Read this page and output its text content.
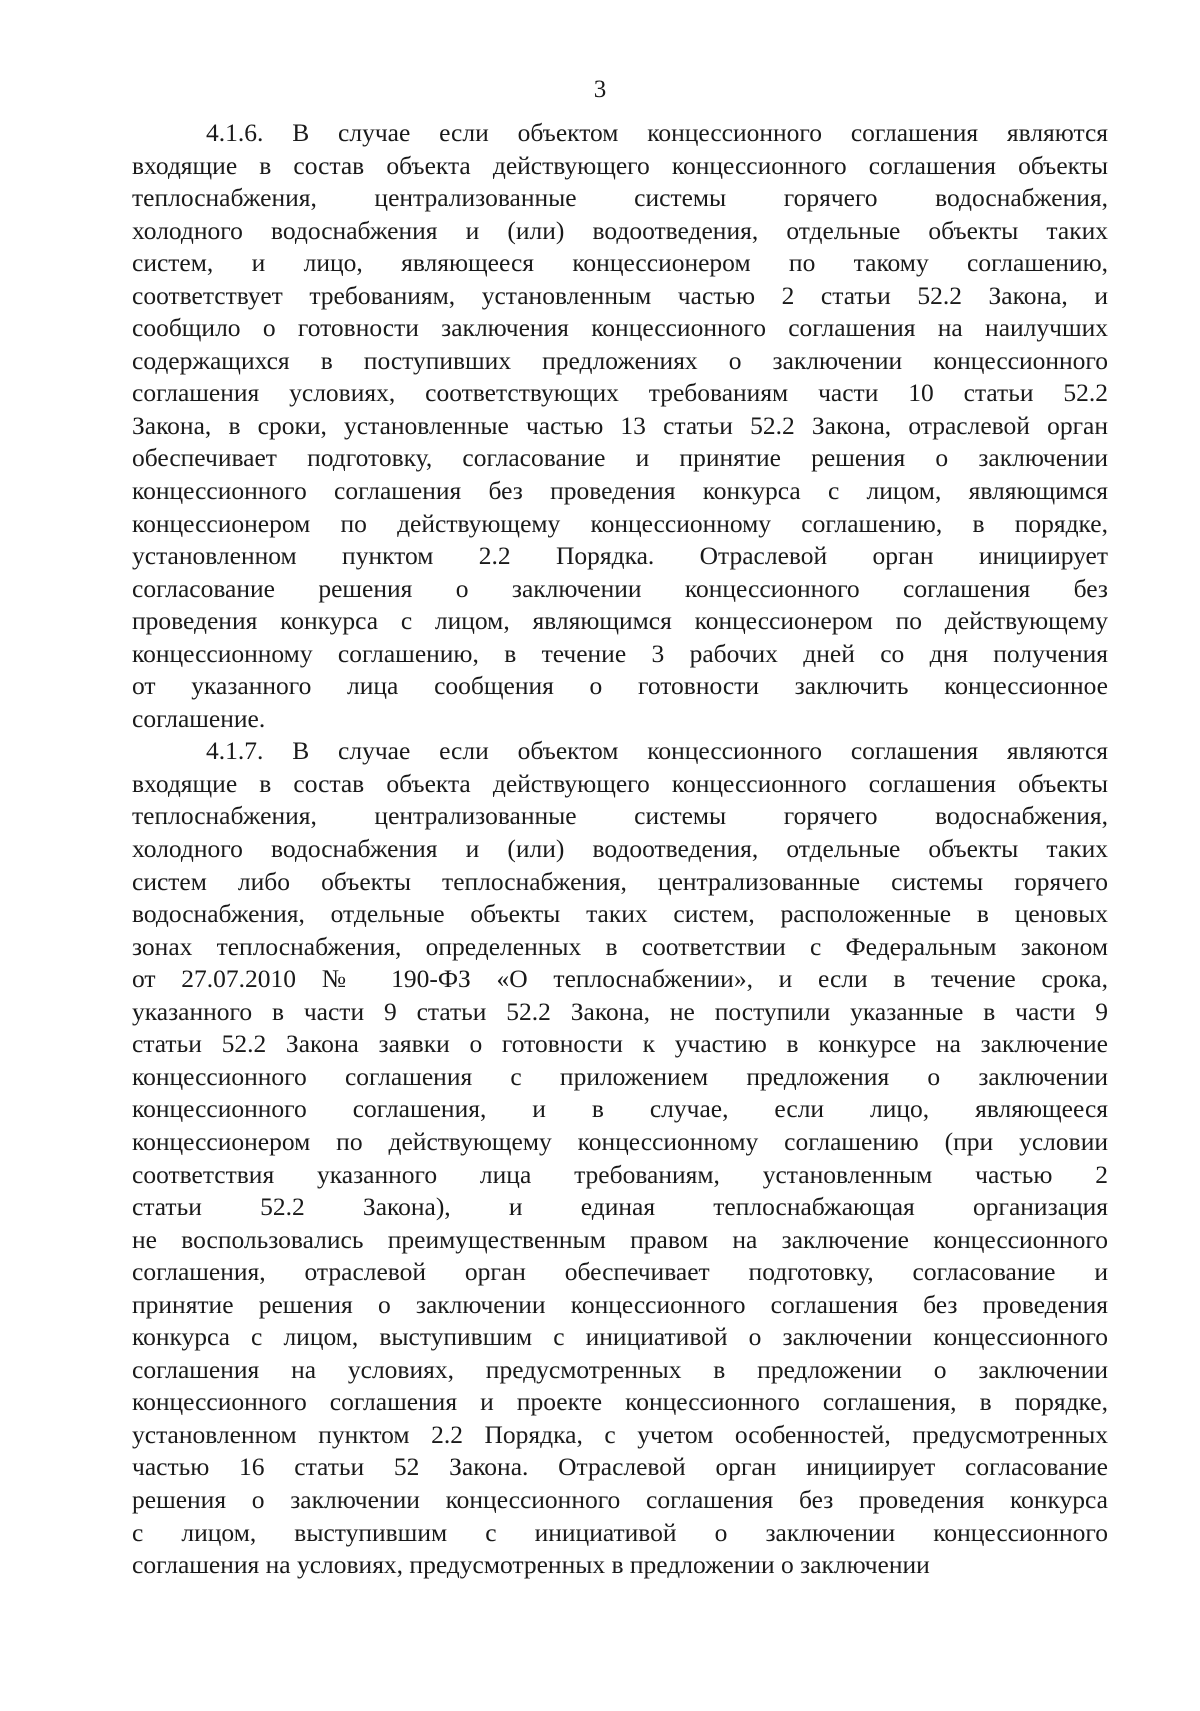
3
4.1.6. В случае если объектом концессионного соглашения являются
входящие в состав объекта действующего концессионного соглашения объекты
теплоснабжения, централизованные системы горячего водоснабжения,
холодного водоснабжения и (или) водоотведения, отдельные объекты таких
систем, и лицо, являющееся концессионером по такому соглашению,
соответствует требованиям, установленным частью 2 статьи 52.2 Закона, и
сообщило о готовности заключения концессионного соглашения на наилучших
содержащихся в поступивших предложениях о заключении концессионного
соглашения условиях, соответствующих требованиям части 10 статьи 52.2
Закона, в сроки, установленные частью 13 статьи 52.2 Закона, отраслевой орган
обеспечивает подготовку, согласование и принятие решения о заключении
концессионного соглашения без проведения конкурса с лицом, являющимся
концессионером по действующему концессионному соглашению, в порядке,
установленном пунктом 2.2 Порядка. Отраслевой орган инициирует
согласование решения о заключении концессионного соглашения без
проведения конкурса с лицом, являющимся концессионером по действующему
концессионному соглашению, в течение 3 рабочих дней со дня получения
от указанного лица сообщения о готовности заключить концессионное
соглашение.
4.1.7. В случае если объектом концессионного соглашения являются
входящие в состав объекта действующего концессионного соглашения объекты
теплоснабжения, централизованные системы горячего водоснабжения,
холодного водоснабжения и (или) водоотведения, отдельные объекты таких
систем либо объекты теплоснабжения, централизованные системы горячего
водоснабжения, отдельные объекты таких систем, расположенные в ценовых
зонах теплоснабжения, определенных в соответствии с Федеральным законом
от 27.07.2010 № 190-ФЗ «О теплоснабжении», и если в течение срока,
указанного в части 9 статьи 52.2 Закона, не поступили указанные в части 9
статьи 52.2 Закона заявки о готовности к участию в конкурсе на заключение
концессионного соглашения с приложением предложения о заключении
концессионного соглашения, и в случае, если лицо, являющееся
концессионером по действующему концессионному соглашению (при условии
соответствия указанного лица требованиям, установленным частью 2
статьи 52.2 Закона), и единая теплоснабжающая организация
не воспользовались преимущественным правом на заключение концессионного
соглашения, отраслевой орган обеспечивает подготовку, согласование и
принятие решения о заключении концессионного соглашения без проведения
конкурса с лицом, выступившим с инициативой о заключении концессионного
соглашения на условиях, предусмотренных в предложении о заключении
концессионного соглашения и проекте концессионного соглашения, в порядке,
установленном пунктом 2.2 Порядка, с учетом особенностей, предусмотренных
частью 16 статьи 52 Закона. Отраслевой орган инициирует согласование
решения о заключении концессионного соглашения без проведения конкурса
с лицом, выступившим с инициативой о заключении концессионного
соглашения на условиях, предусмотренных в предложении о заключении
